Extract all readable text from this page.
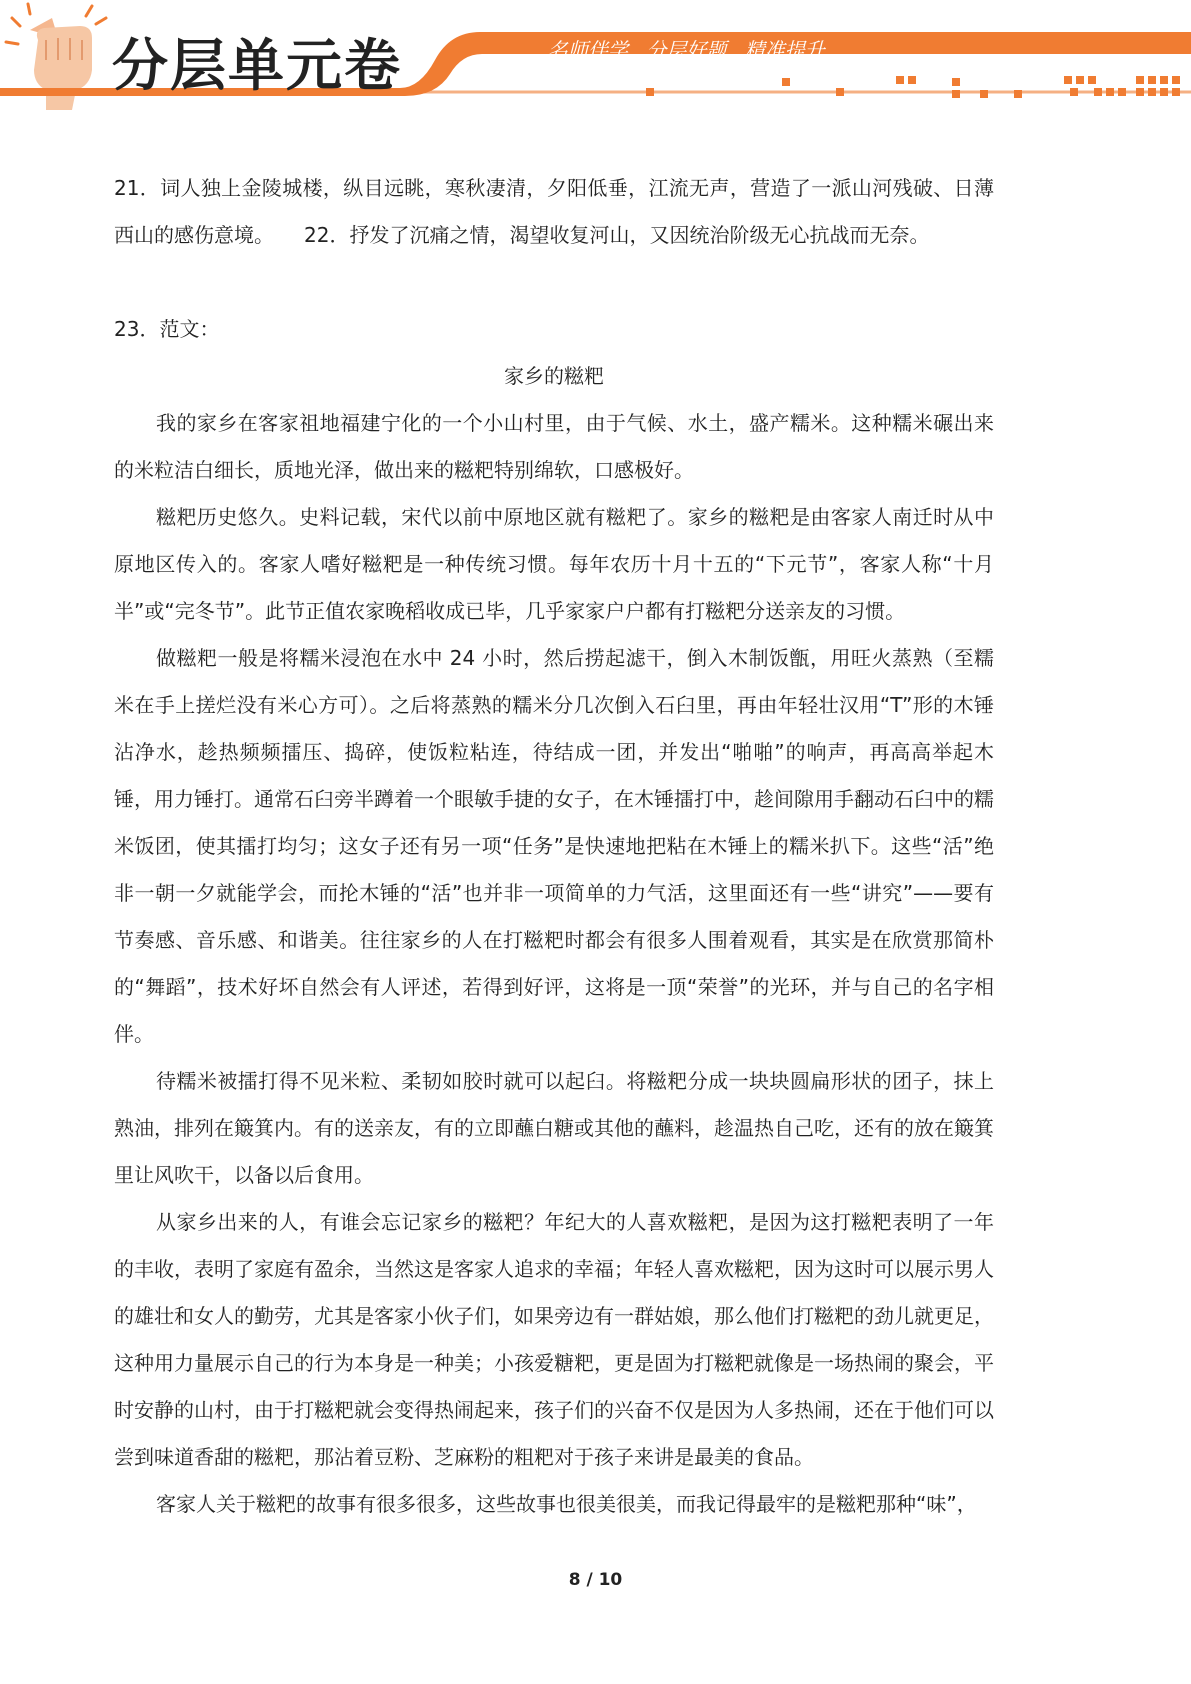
分层单元卷	名师伴学 分层好题 精准提升

21．词人独上金陵城楼，纵目远眺，寒秋凄清，夕阳低垂，江流无声，营造了一派山河残破、日薄西山的感伤意境。　　 22．抒发了沉痛之情，渴望收复河山，又因统治阶级无心抗战而无奈。

23．范文：

家乡的糍粑

我的家乡在客家祖地福建宁化的一个小山村里，由于气候、水土，盛产糯米。这种糯米碾出来的米粒洁白细长，质地光泽，做出来的糍粑特别绵软，口感极好。

糍粑历史悠久。史料记载，宋代以前中原地区就有糍粑了。家乡的糍粑是由客家人南迁时从中原地区传入的。客家人嗜好糍粑是一种传统习惯。每年农历十月十五的“下元节”，客家人称“十月半”或“完冬节”。此节正值农家晚稻收成已毕，几乎家家户户都有打糍粑分送亲友的习惯。

做糍粑一般是将糯米浸泡在水中 24 小时，然后捞起滤干，倒入木制饭甑，用旺火蒸熟（至糯米在手上搓烂没有米心方可）。之后将蒸熟的糯米分几次倒入石臼里，再由年轻壮汉用“T”形的木锤沾净水，趁热频频擂压、捣碎，使饭粒粘连，待结成一团，并发出“啪啪”的响声，再高高举起木锤，用力锤打。通常石臼旁半蹲着一个眼敏手捷的女子，在木锤擂打中，趁间隙用手翻动石臼中的糯米饭团，使其擂打均匀；这女子还有另一项“任务”是快速地把粘在木锤上的糯米扒下。这些“活”绝非一朝一夕就能学会，而抡木锤的“活”也并非一项简单的力气活，这里面还有一些“讲究”——要有节奏感、音乐感、和谐美。往往家乡的人在打糍粑时都会有很多人围着观看，其实是在欣赏那简朴的“舞蹈”，技术好坏自然会有人评述，若得到好评，这将是一顶“荣誉”的光环，并与自己的名字相伴。

待糯米被擂打得不见米粒、柔韧如胶时就可以起臼。将糍粑分成一块块圆扁形状的团子，抹上熟油，排列在簸箕内。有的送亲友，有的立即蘸白糖或其他的蘸料，趁温热自己吃，还有的放在簸箕里让风吹干，以备以后食用。

从家乡出来的人，有谁会忘记家乡的糍粑？年纪大的人喜欢糍粑，是因为这打糍粑表明了一年的丰收，表明了家庭有盈余，当然这是客家人追求的幸福；年轻人喜欢糍粑，因为这时可以展示男人的雄壮和女人的勤劳，尤其是客家小伙子们，如果旁边有一群姑娘，那么他们打糍粑的劲儿就更足，这种用力量展示自己的行为本身是一种美；小孩爱糖粑，更是固为打糍粑就像是一场热闹的聚会，平时安静的山村，由于打糍粑就会变得热闹起来，孩子们的兴奋不仅是因为人多热闹，还在于他们可以尝到味道香甜的糍粑，那沾着豆粉、芝麻粉的粗粑对于孩子来讲是最美的食品。

客家人关于糍粑的故事有很多很多，这些故事也很美很美，而我记得最牢的是糍粑那种“味”，

8 / 10
